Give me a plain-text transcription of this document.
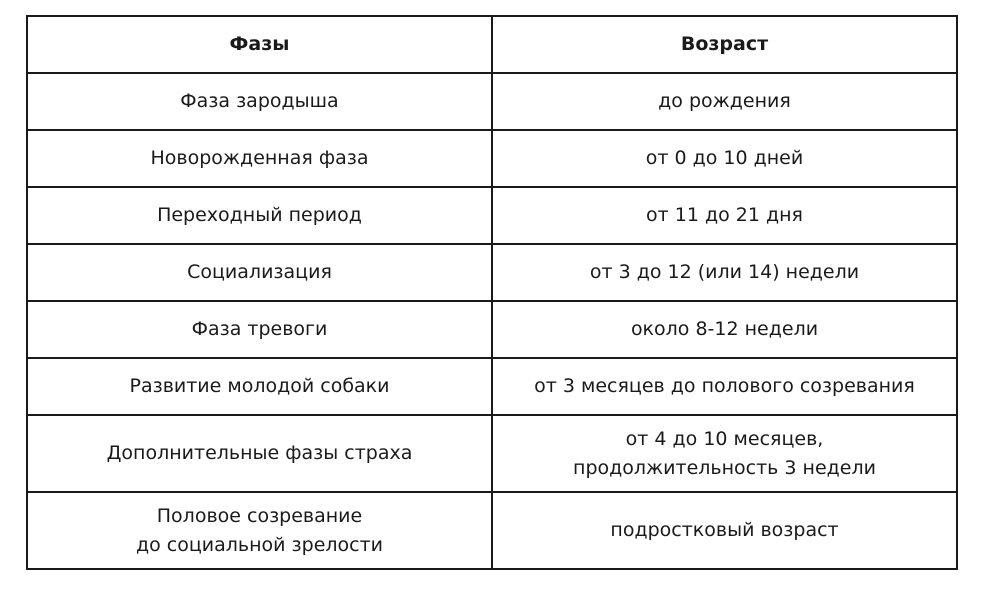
Фазы	Возраст

Фаза зародыша	до рождения

Новорожденная фаза	от 0 до 10 дней

Переходный период	от 11 до 21 дня

Социализация	от 3 до 12 (или 14) недели

Фаза тревоги	около 8-12 недели

Развитие молодой собаки	от 3 месяцев до полового созревания

Дополнительные фазы страха	от 4 до 10 месяцев,
продолжительность 3 недели

Половое созревание
до социальной зрелости	подростковый возраст
